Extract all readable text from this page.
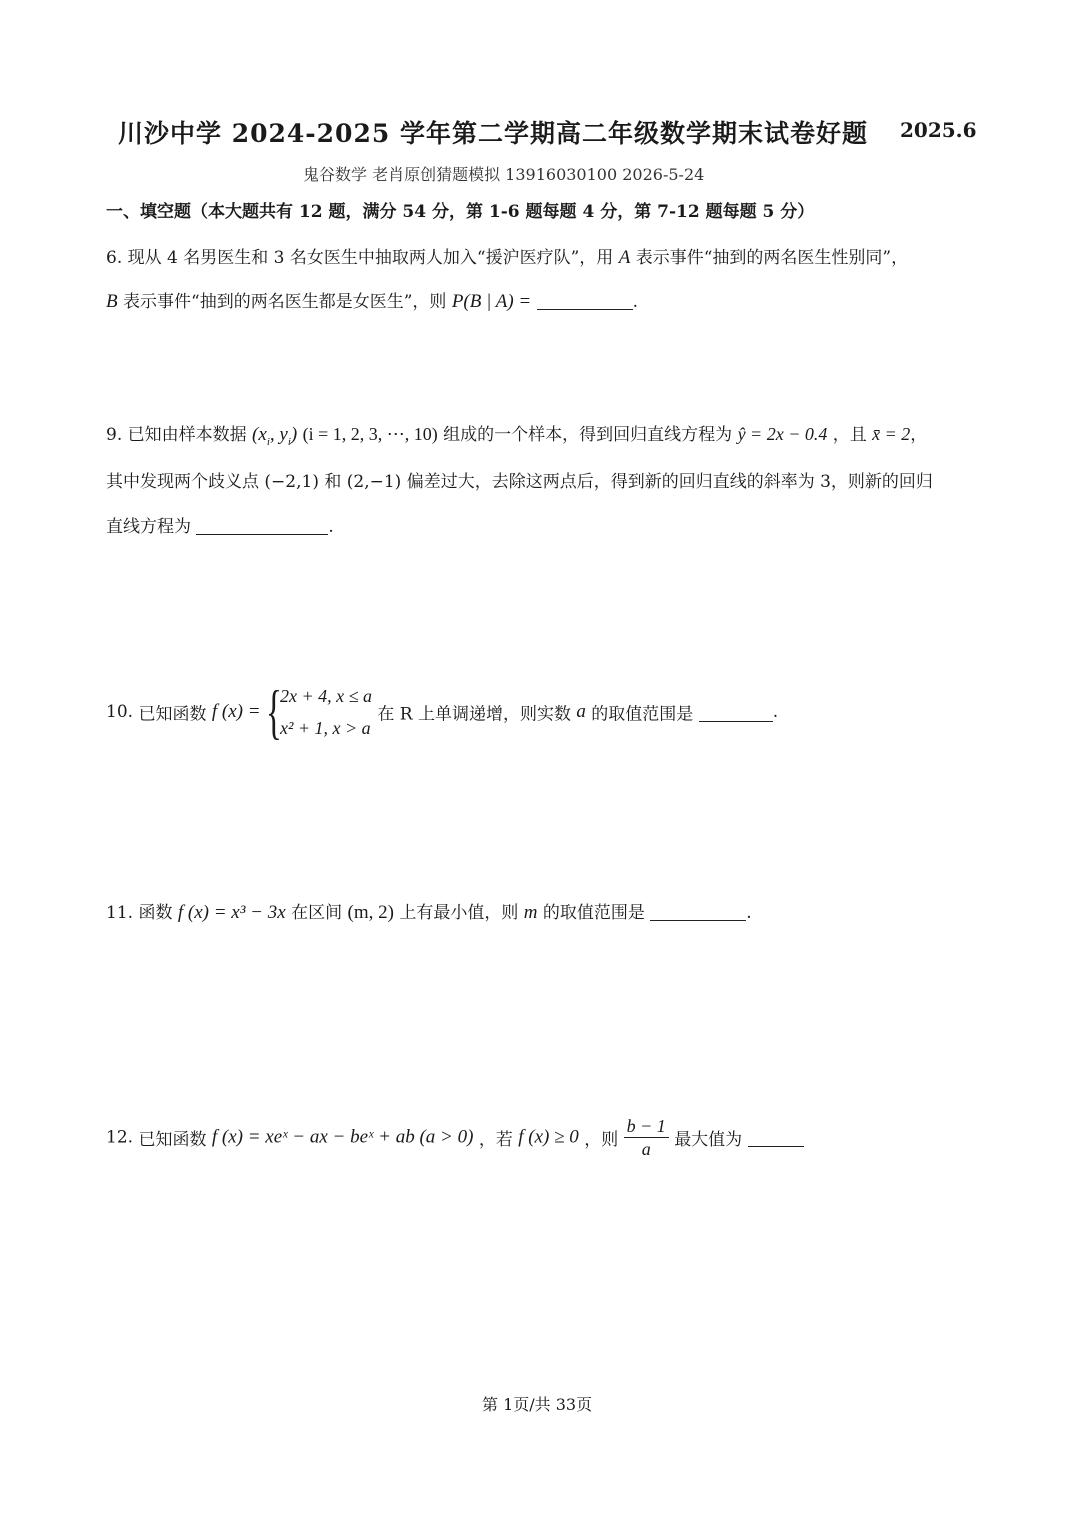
川沙中学 2024-2025 学年第二学期高二年级数学期末试卷好题 2025.6
鬼谷数学 老肖原创猜题模拟 13916030100 2026-5-24
一、填空题（本大题共有 12 题，满分 54 分，第 1-6 题每题 4 分，第 7-12 题每题 5 分）
6. 现从 4 名男医生和 3 名女医生中抽取两人加入“援沪医疗队”，用 A 表示事件“抽到的两名医生性别同”，
B 表示事件“抽到的两名医生都是女医生”，则 P(B | A) =	.
9. 已知由样本数据 ($x_i$, $y_i$) (i = 1, 2, 3, ⋯, 10) 组成的一个样本，得到回归直线方程为 ŷ = 2x − 0.4 ，且 x̄ = 2，
其中发现两个歧义点 (−2,1) 和 (2,−1) 偏差过大，去除这两点后，得到新的回归直线的斜率为 3，则新的回归
直线方程为	.
10. 已知函数 f (x) = {
2x + 4, x ≤ a
x² + 1, x > a
在 R 上单调递增，则实数 a 的取值范围是	.
11. 函数 f (x) = x³ − 3x 在区间 (m, 2) 上有最小值，则 m 的取值范围是	.
12. 已知函数 f (x) = xeˣ − ax − beˣ + ab (a > 0) ，若 f (x) ≥ 0 ，则 $\frac{b - 1}{a}$ 最大值为
第 1页/共 33页
